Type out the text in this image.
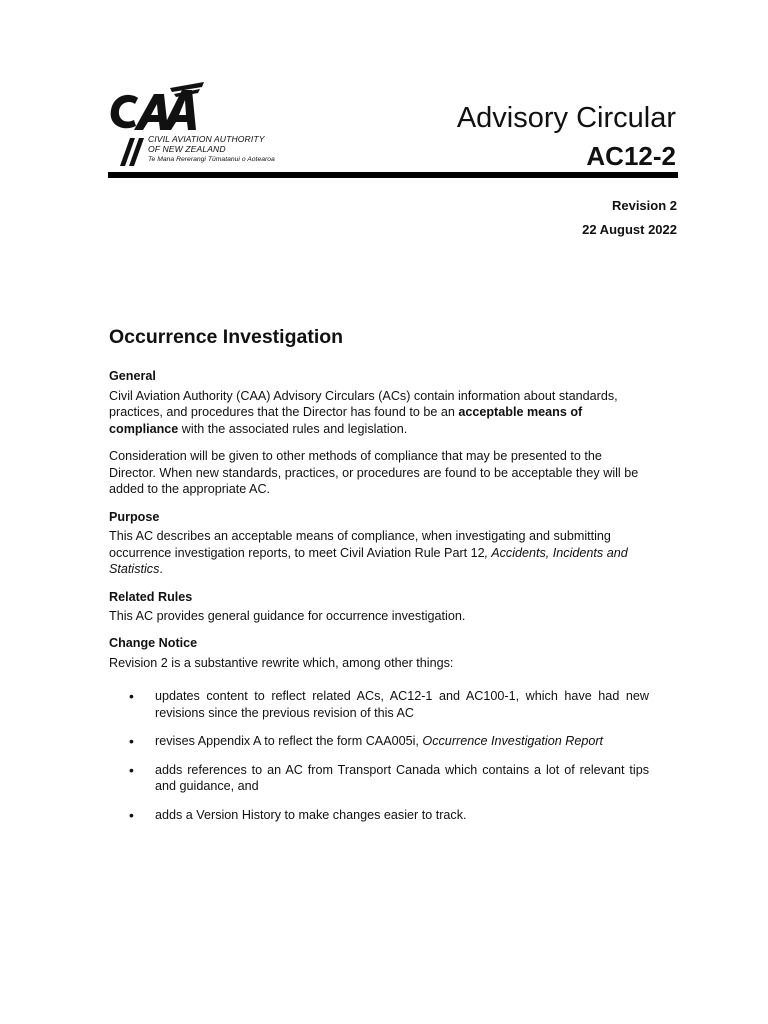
CIVIL AVIATION AUTHORITY
OF NEW ZEALAND
Te Mana Rererangi Tūmatanui o Aotearoa
Advisory Circular
AC12-2
Revision 2
22 August 2022
Occurrence Investigation
General

Civil Aviation Authority (CAA) Advisory Circulars (ACs) contain information about standards, practices, and procedures that the Director has found to be an acceptable means of compliance with the associated rules and legislation.

Consideration will be given to other methods of compliance that may be presented to the Director. When new standards, practices, or procedures are found to be acceptable they will be added to the appropriate AC.

Purpose

This AC describes an acceptable means of compliance, when investigating and submitting occurrence investigation reports, to meet Civil Aviation Rule Part 12, Accidents, Incidents and Statistics.

Related Rules

This AC provides general guidance for occurrence investigation.

Change Notice

Revision 2 is a substantive rewrite which, among other things:

• updates content to reflect related ACs, AC12-1 and AC100-1, which have had new revisions since the previous revision of this AC
• revises Appendix A to reflect the form CAA005i, Occurrence Investigation Report
• adds references to an AC from Transport Canada which contains a lot of relevant tips and guidance, and
• adds a Version History to make changes easier to track.
